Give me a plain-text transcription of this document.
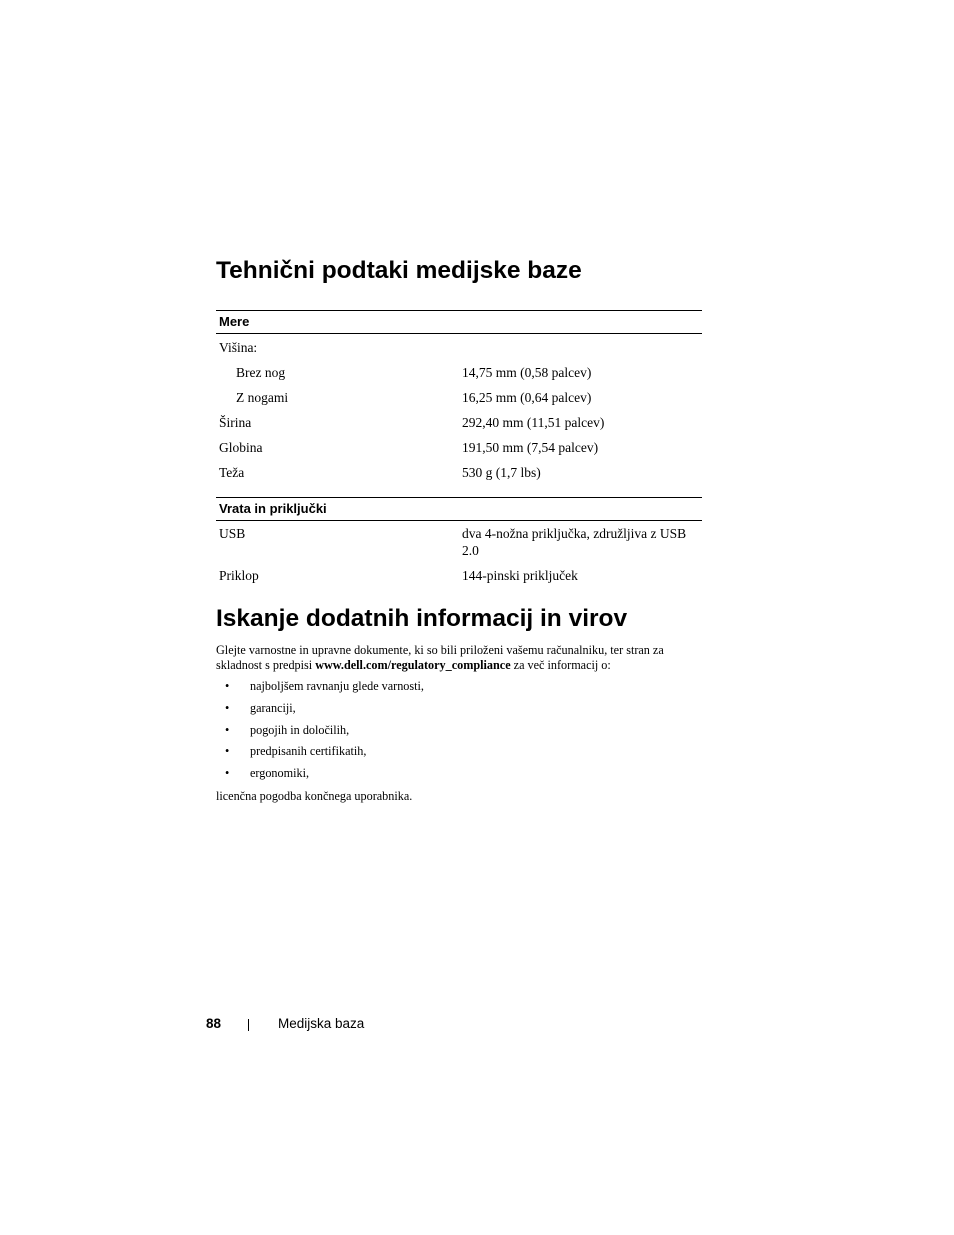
Tehnični podtaki medijske baze
Mere
Višina:
Brez nog	14,75 mm (0,58 palcev)
Z nogami	16,25 mm (0,64 palcev)
Širina	292,40 mm (11,51 palcev)
Globina	191,50 mm (7,54 palcev)
Teža	530 g (1,7 lbs)
Vrata in priključki
USB	dva 4-nožna priključka, združljiva z USB 2.0
Priklop	144-pinski priključek
Iskanje dodatnih informacij in virov
Glejte varnostne in upravne dokumente, ki so bili priloženi vašemu računalniku, ter stran za
skladnost s predpisi www.dell.com/regulatory_compliance za več informacij o:
• najboljšem ravnanju glede varnosti,
• garanciji,
• pogojih in določilih,
• predpisanih certifikatih,
• ergonomiki,
licenčna pogodba končnega uporabnika.
88	Medijska baza
